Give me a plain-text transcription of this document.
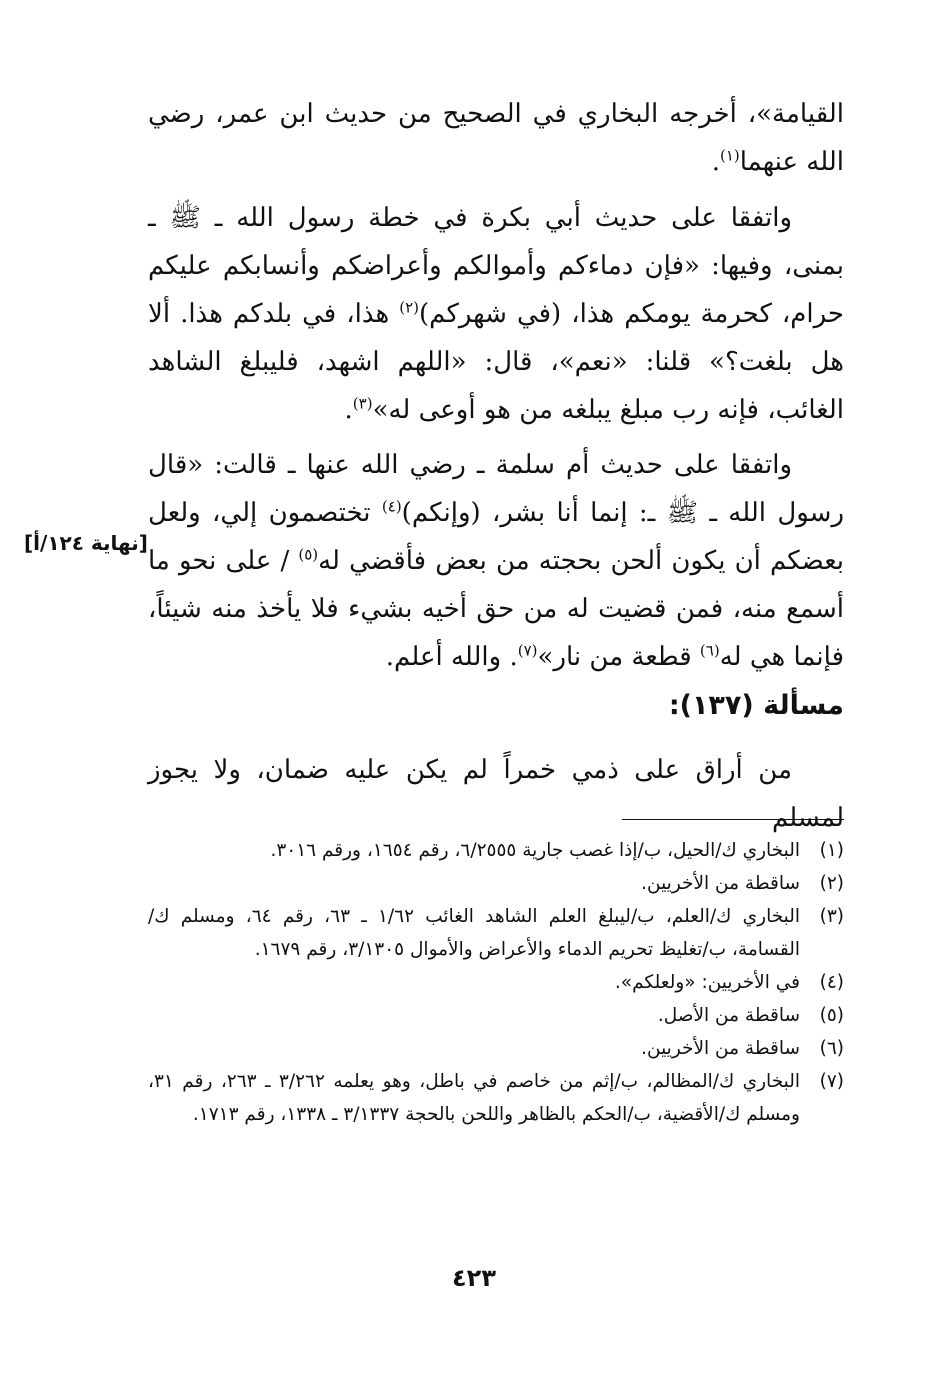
القيامة»، أخرجه البخاري في الصحيح من حديث ابن عمر، رضي الله عنهما$^{(١)}$.

واتفقا على حديث أبي بكرة في خطة رسول الله ـ ﷺ ـ بمنى، وفيها: «فإن دماءكم وأموالكم وأعراضكم وأنسابكم عليكم حرام، كحرمة يومكم هذا، (في شهركم)$^{(٢)}$ هذا، في بلدكم هذا. ألا هل بلغت؟» قلنا: «نعم»، قال: «اللهم اشهد، فليبلغ الشاهد الغائب، فإنه رب مبلغ يبلغه من هو أوعى له»$^{(٣)}$.

واتفقا على حديث أم سلمة ـ رضي الله عنها ـ قالت: «قال رسول الله ـ ﷺ ـ: إنما أنا بشر، (وإنكم)$^{(٤)}$ تختصمون إلي، ولعل بعضكم أن يكون ألحن بحجته من بعض فأقضي له$^{(٥)}$ / على نحو ما أسمع منه، فمن قضيت له من حق أخيه بشيء فلا يأخذ منه شيئاً، فإنما هي له$^{(٦)}$ قطعة من نار»$^{(٧)}$. والله أعلم.

[نهاية ١٢٤/أ]
مسألة (١٣٧):

من أراق على ذمي خمراً لم يكن عليه ضمان، ولا يجوز لمسلم

(١)
البخاري ك/الحيل، ب/إذا غصب جارية ٦/٢٥٥٥، رقم ١٦٥٤، ورقم ٣٠١٦.
(٢)
ساقطة من الأخريين.
(٣)
البخاري ك/العلم، ب/ليبلغ العلم الشاهد الغائب ١/٦٢ ـ ٦٣، رقم ٦٤، ومسلم ك/القسامة، ب/تغليظ تحريم الدماء والأعراض والأموال ٣/١٣٠٥، رقم ١٦٧٩.
(٤)
في الأخريين: «ولعلكم».
(٥)
ساقطة من الأصل.
(٦)
ساقطة من الأخريين.
(٧)
البخاري ك/المظالم، ب/إثم من خاصم في باطل، وهو يعلمه ٣/٢٦٢ ـ ٢٦٣، رقم ٣١، ومسلم ك/الأقضية، ب/الحكم بالظاهر واللحن بالحجة ٣/١٣٣٧ ـ ١٣٣٨، رقم ١٧١٣.
٤٢٣
